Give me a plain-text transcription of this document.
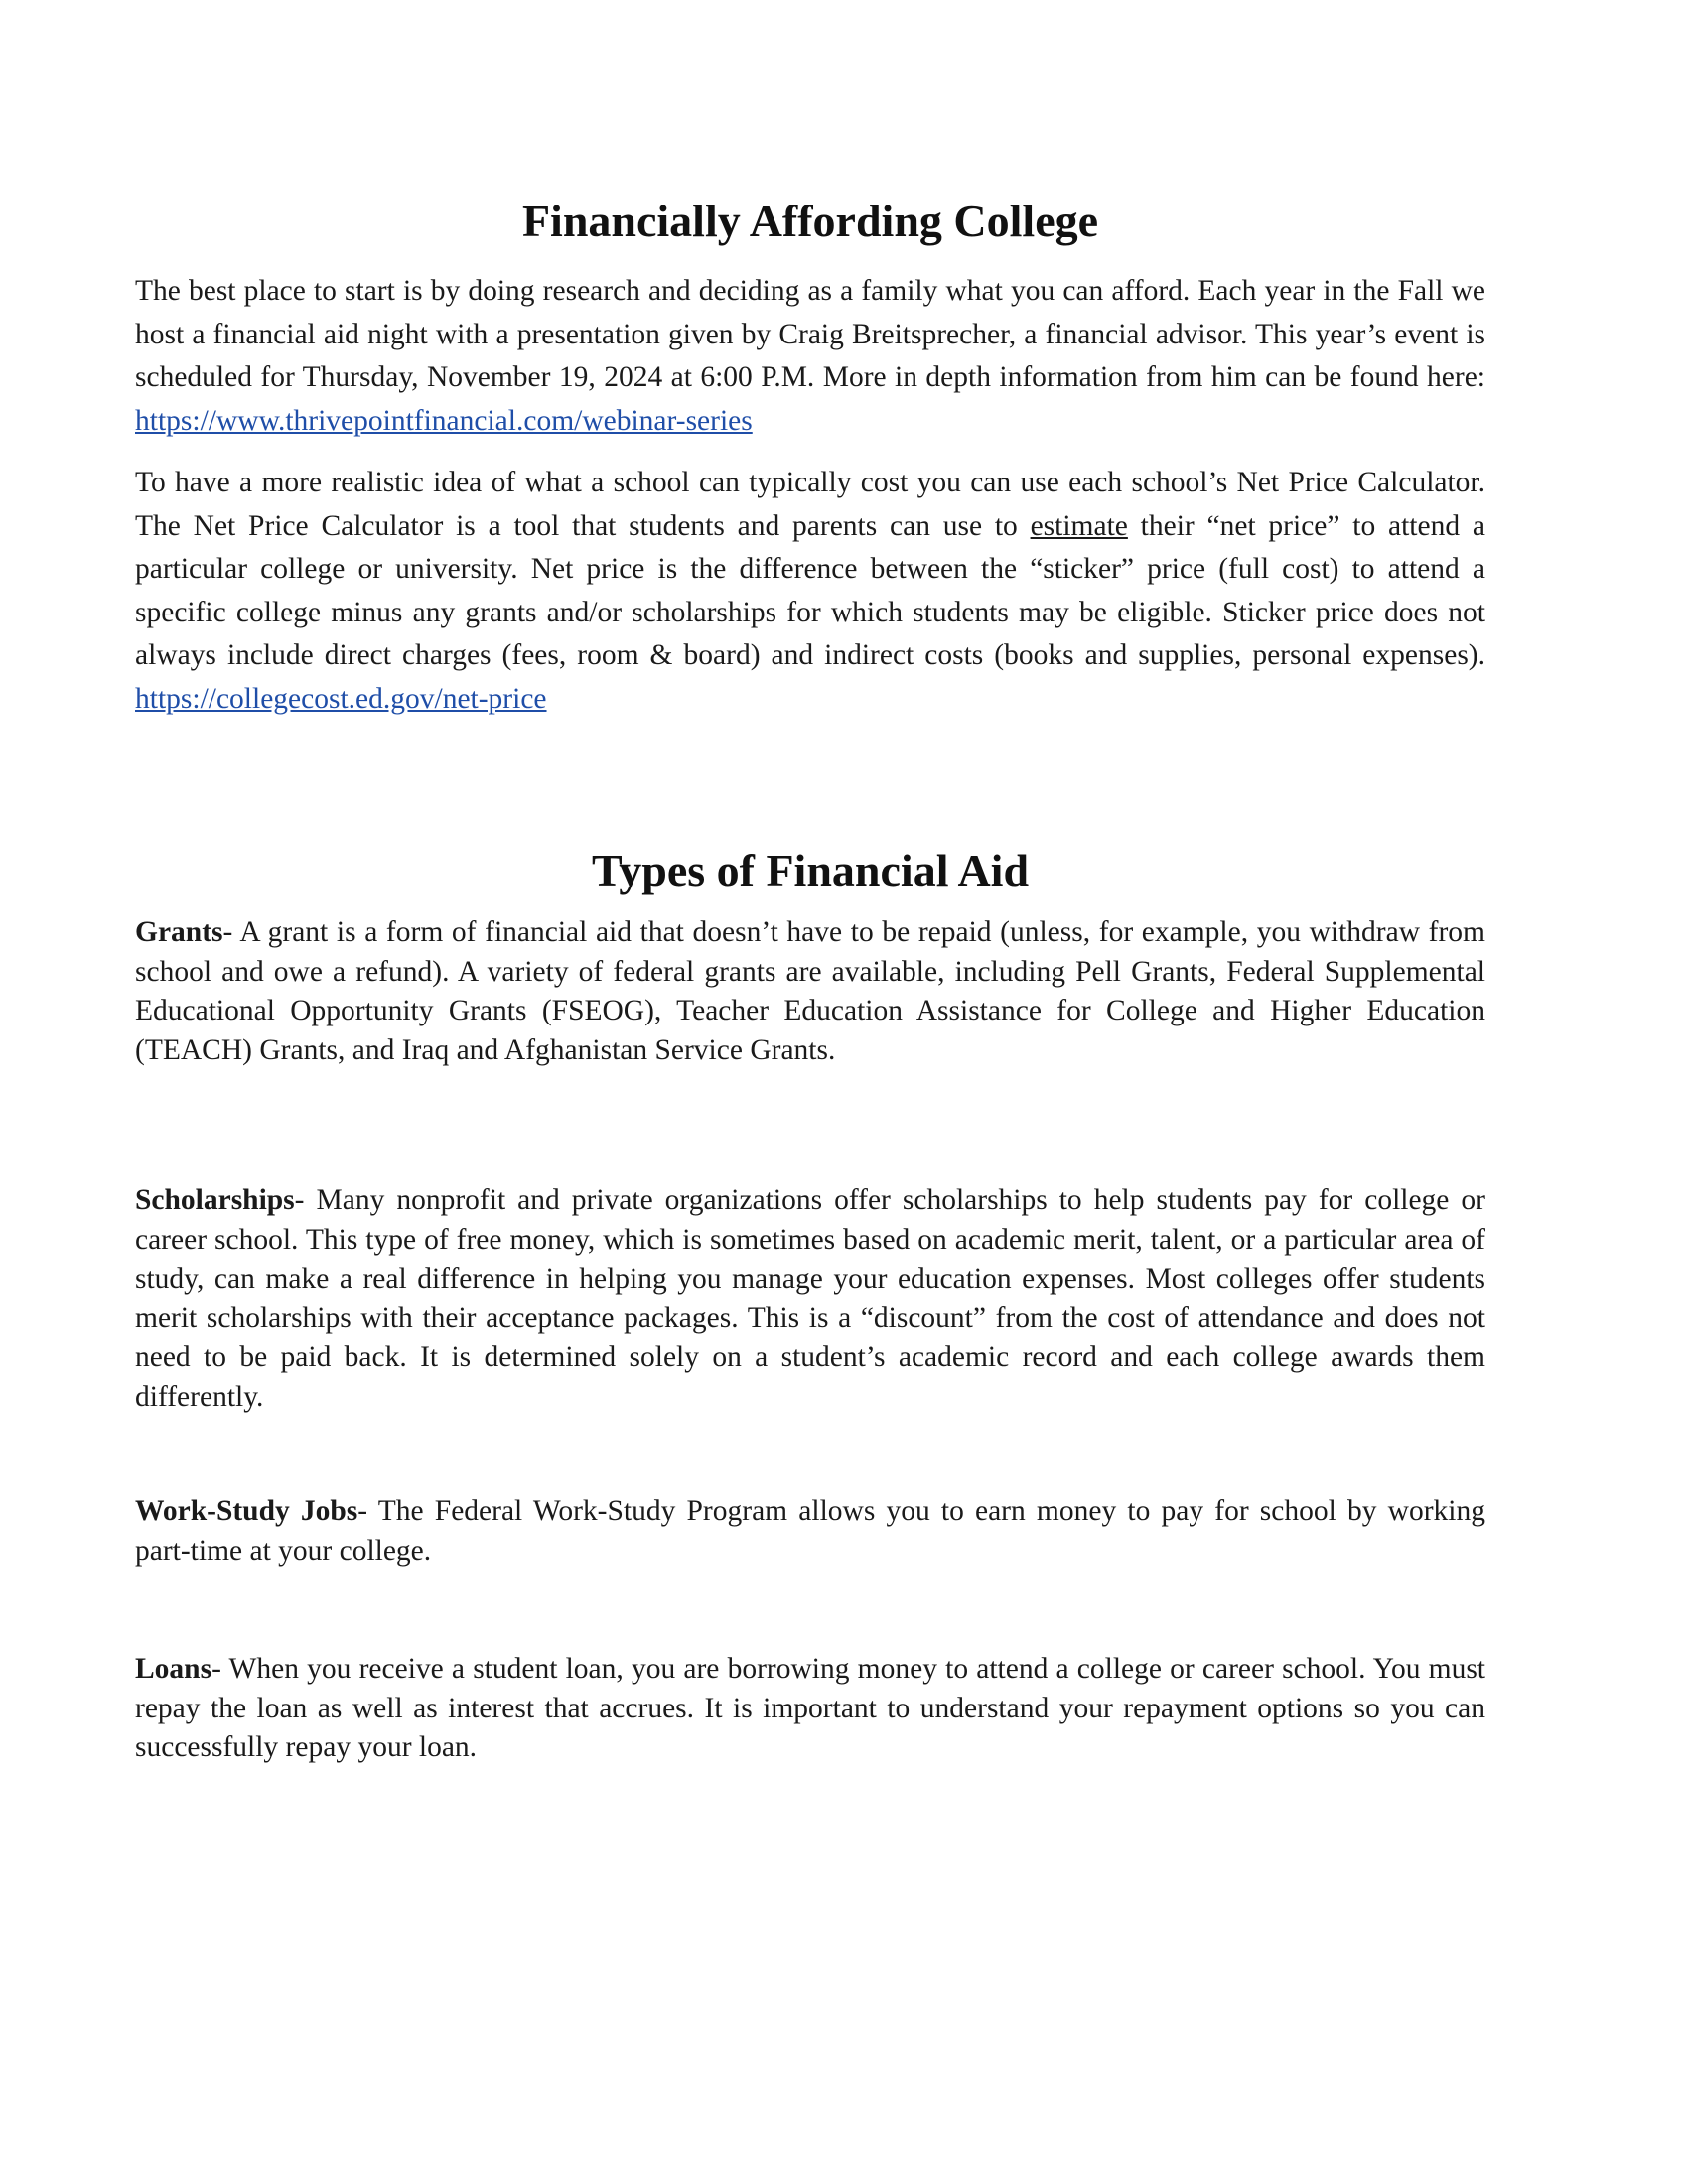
Financially Affording College

The best place to start is by doing research and deciding as a family what you can afford. Each year in the Fall we host a financial aid night with a presentation given by Craig Breitsprecher, a financial advisor. This year’s event is scheduled for Thursday, November 19, 2024 at 6:00 P.M. More in depth information from him can be found here: https://www.thrivepointfinancial.com/webinar-series

To have a more realistic idea of what a school can typically cost you can use each school’s Net Price Calculator. The Net Price Calculator is a tool that students and parents can use to estimate their “net price” to attend a particular college or university. Net price is the difference between the “sticker” price (full cost) to attend a specific college minus any grants and/or scholarships for which students may be eligible. Sticker price does not always include direct charges (fees, room & board) and indirect costs (books and supplies, personal expenses). https://collegecost.ed.gov/net-price

Types of Financial Aid

Grants- A grant is a form of financial aid that doesn’t have to be repaid (unless, for example, you withdraw from school and owe a refund). A variety of federal grants are available, including Pell Grants, Federal Supplemental Educational Opportunity Grants (FSEOG), Teacher Education Assistance for College and Higher Education (TEACH) Grants, and Iraq and Afghanistan Service Grants.

Scholarships- Many nonprofit and private organizations offer scholarships to help students pay for college or career school. This type of free money, which is sometimes based on academic merit, talent, or a particular area of study, can make a real difference in helping you manage your education expenses. Most colleges offer students merit scholarships with their acceptance packages. This is a “discount” from the cost of attendance and does not need to be paid back. It is determined solely on a student’s academic record and each college awards them differently.

Work-Study Jobs- The Federal Work-Study Program allows you to earn money to pay for school by working part-time at your college.

Loans- When you receive a student loan, you are borrowing money to attend a college or career school. You must repay the loan as well as interest that accrues. It is important to understand your repayment options so you can successfully repay your loan.
